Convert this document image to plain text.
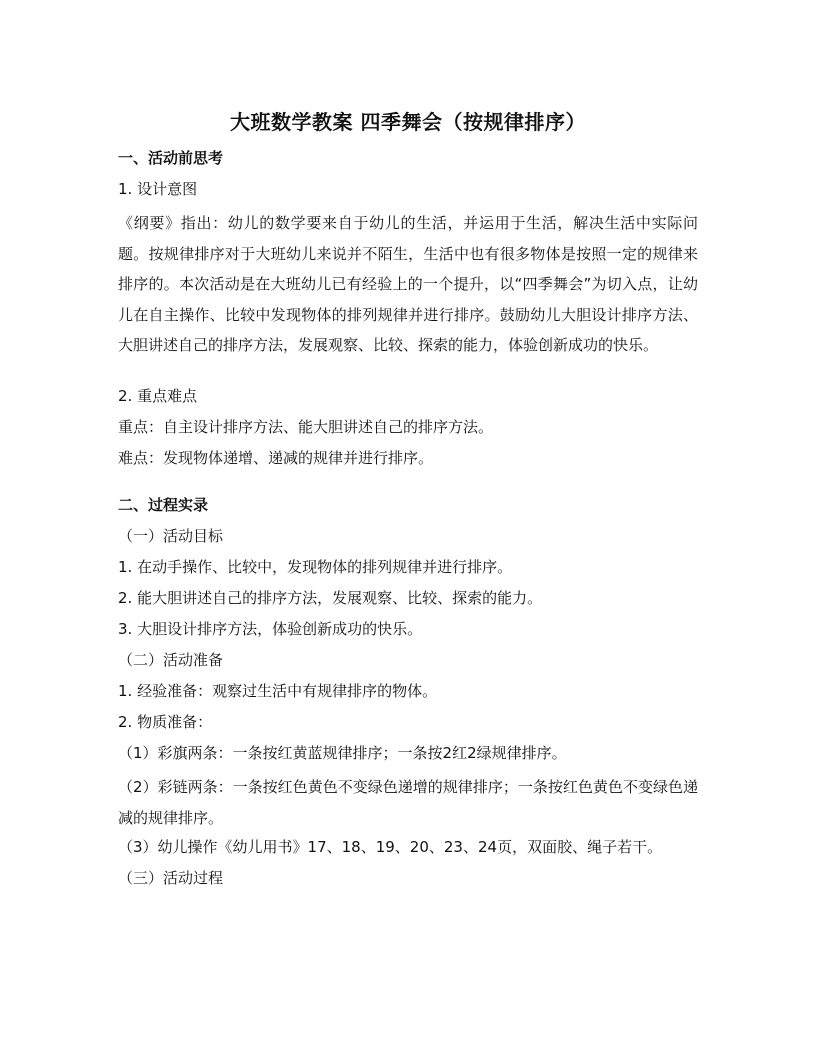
大班数学教案 四季舞会（按规律排序）
一、活动前思考
1. 设计意图

《纲要》指出：幼儿的数学要来自于幼儿的生活，并运用于生活，解决生活中实际问题。按规律排序对于大班幼儿来说并不陌生，生活中也有很多物体是按照一定的规律来排序的。本次活动是在大班幼儿已有经验上的一个提升，以“四季舞会”为切入点，让幼儿在自主操作、比较中发现物体的排列规律并进行排序。鼓励幼儿大胆设计排序方法、大胆讲述自己的排序方法，发展观察、比较、探索的能力，体验创新成功的快乐。

2. 重点难点
重点：自主设计排序方法、能大胆讲述自己的排序方法。
难点：发现物体递增、递减的规律并进行排序。
二、过程实录
（一）活动目标
1. 在动手操作、比较中，发现物体的排列规律并进行排序。
2. 能大胆讲述自己的排序方法，发展观察、比较、探索的能力。
3. 大胆设计排序方法，体验创新成功的快乐。
（二）活动准备
1. 经验准备：观察过生活中有规律排序的物体。
2. 物质准备：
（1）彩旗两条：一条按红黄蓝规律排序；一条按2红2绿规律排序。

（2）彩链两条：一条按红色黄色不变绿色递增的规律排序；一条按红色黄色不变绿色递减的规律排序。

（3）幼儿操作《幼儿用书》17、18、19、20、23、24页，双面胶、绳子若干。
（三）活动过程
